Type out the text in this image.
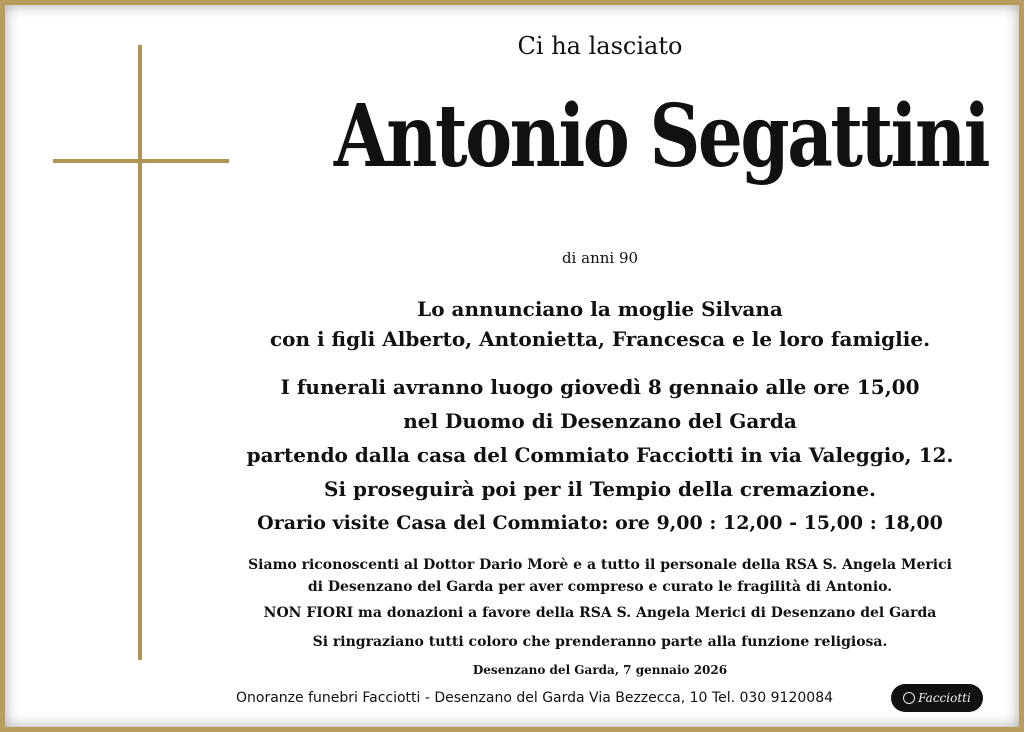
Ci ha lasciato
Antonio Segattini
di anni 90
Lo annunciano la moglie Silvana
con i figli Alberto, Antonietta, Francesca e le loro famiglie.
I funerali avranno luogo giovedì 8 gennaio alle ore 15,00
nel Duomo di Desenzano del Garda
partendo dalla casa del Commiato Facciotti in via Valeggio, 12.
Si proseguirà poi per il Tempio della cremazione.
Orario visite Casa del Commiato: ore 9,00 : 12,00 - 15,00 : 18,00
Siamo riconoscenti al Dottor Dario Morè e a tutto il personale della RSA S. Angela Merici
di Desenzano del Garda per aver compreso e curato le fragilità di Antonio.
NON FIORI ma donazioni a favore della RSA S. Angela Merici di Desenzano del Garda
Si ringraziano tutti coloro che prenderanno parte alla funzione religiosa.
Desenzano del Garda, 7 gennaio 2026
Onoranze funebri Facciotti - Desenzano del Garda Via Bezzecca, 10 Tel. 030 9120084	Facciotti
